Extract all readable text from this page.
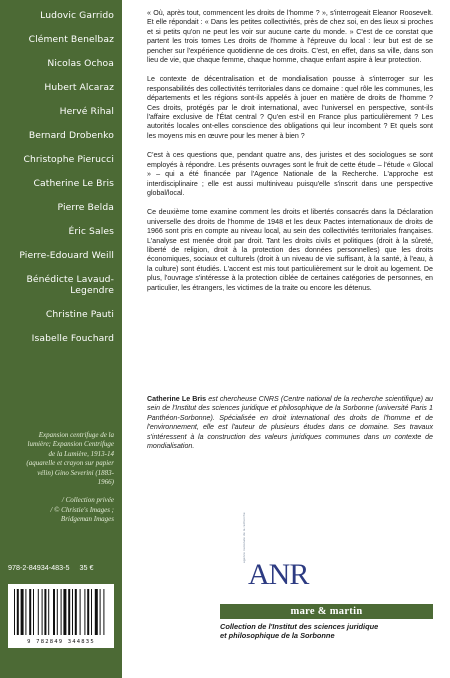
Ludovic Garrido
Clément Benelbaz
Nicolas Ochoa
Hubert Alcaraz
Hervé Rihal
Bernard Drobenko
Christophe Pierucci
Catherine Le Bris
Pierre Belda
Éric Sales
Pierre-Edouard Weill
Bénédicte Lavaud-Legendre
Christine Pauti
Isabelle Fouchard
Expansion centrifuge de la
lumière; Expansion Centrifuge
de la Lumière, 1913-14
(aquarelle et crayon sur papier
vélin) Gino Severini (1883-
1966)
/ Collection privée
/ © Christie's Images ;
Bridgeman Images
978-2-84934-483-5 35 €
9 782849 344835
« Où, après tout, commencent les droits de l'homme ? », s'interrogeait Eleanor Roosevelt. Et elle répondait : « Dans les petites collectivités, près de chez soi, en des lieux si proches et si petits qu'on ne peut les voir sur aucune carte du monde. » C'est de ce constat que partent les trois tomes Les droits de l'homme à l'épreuve du local : leur but est de se pencher sur l'expérience quotidienne de ces droits. C'est, en effet, dans sa ville, dans son lieu de vie, que chaque femme, chaque homme, chaque enfant aspire à leur protection.
Le contexte de décentralisation et de mondialisation pousse à s'interroger sur les responsabilités des collectivités territoriales dans ce domaine : quel rôle les communes, les départements et les régions sont-ils appelés à jouer en matière de droits de l'homme ? Ces droits, protégés par le droit international, avec l'universel en perspective, sont-ils l'affaire exclusive de l'État central ? Qu'en est-il en France plus particulièrement ? Les autorités locales ont-elles conscience des obligations qui leur incombent ? Et quels sont les moyens mis en œuvre pour les mener à bien ?
C'est à ces questions que, pendant quatre ans, des juristes et des sociologues se sont employés à répondre. Les présents ouvrages sont le fruit de cette étude – l'étude « Glocal » – qui a été financée par l'Agence Nationale de la Recherche. L'approche est interdisciplinaire ; elle est aussi multiniveau puisqu'elle s'inscrit dans une perspective global/local.
Ce deuxième tome examine comment les droits et libertés consacrés dans la Déclaration universelle des droits de l'homme de 1948 et les deux Pactes internationaux de droits de 1966 sont pris en compte au niveau local, au sein des collectivités territoriales françaises. L'analyse est menée droit par droit. Tant les droits civils et politiques (droit à la sûreté, liberté de religion, droit à la protection des données personnelles) que les droits économiques, sociaux et culturels (droit à un niveau de vie suffisant, à la santé, à l'eau, à la culture) sont étudiés. L'accent est mis tout particulièrement sur le droit au logement. De plus, l'ouvrage s'intéresse à la protection ciblée de certaines catégories de personnes, en particulier, les étrangers, les victimes de la traite ou encore les détenus.
Catherine Le Bris est chercheuse CNRS (Centre national de la recherche scientifique) au sein de l'Institut des sciences juridique et philosophique de la Sorbonne (université Paris 1 Panthéon-Sorbonne). Spécialisée en droit international des droits de l'homme et de l'environnement, elle est l'auteur de plusieurs études dans ce domaine. Ses travaux s'intéressent à la construction des valeurs juridiques communes dans un contexte de mondialisation.
agence nationale de la recherche
ANR
mare & martin
Collection de l'Institut des sciences juridique
et philosophique de la Sorbonne
